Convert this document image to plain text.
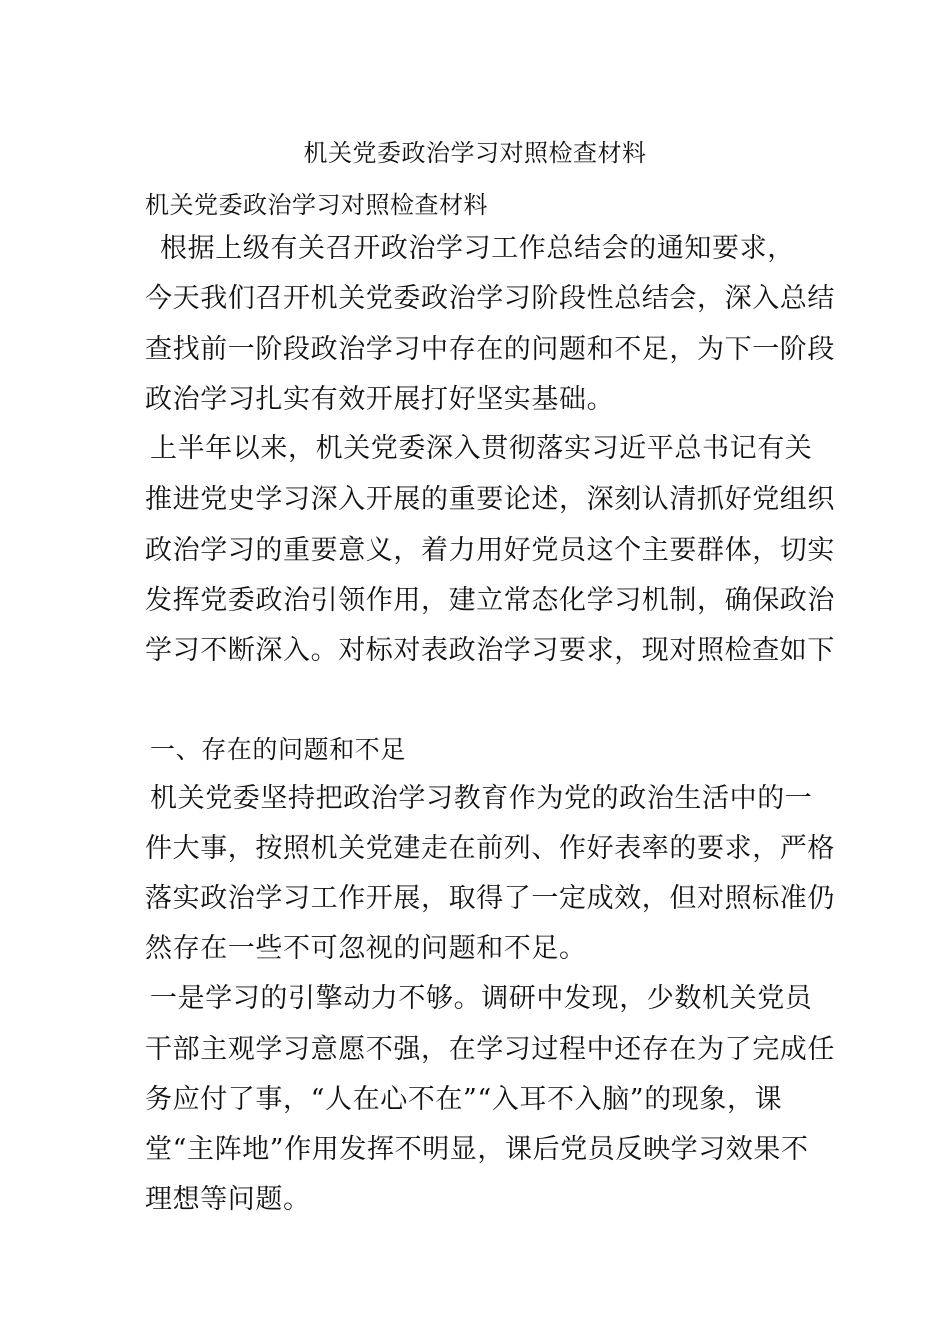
机关党委政治学习对照检查材料
机关党委政治学习对照检查材料
根据上级有关召开政治学习工作总结会的通知要求，
今天我们召开机关党委政治学习阶段性总结会，深入总结
查找前一阶段政治学习中存在的问题和不足，为下一阶段
政治学习扎实有效开展打好坚实基础。
上半年以来，机关党委深入贯彻落实习近平总书记有关
推进党史学习深入开展的重要论述，深刻认清抓好党组织
政治学习的重要意义，着力用好党员这个主要群体，切实
发挥党委政治引领作用，建立常态化学习机制，确保政治
学习不断深入。对标对表政治学习要求，现对照检查如下
一、存在的问题和不足
机关党委坚持把政治学习教育作为党的政治生活中的一
件大事，按照机关党建走在前列、作好表率的要求，严格
落实政治学习工作开展，取得了一定成效，但对照标准仍
然存在一些不可忽视的问题和不足。
一是学习的引擎动力不够。调研中发现，少数机关党员
干部主观学习意愿不强，在学习过程中还存在为了完成任
务应付了事，“人在心不在”“入耳不入脑”的现象，课
堂“主阵地”作用发挥不明显，课后党员反映学习效果不
理想等问题。
